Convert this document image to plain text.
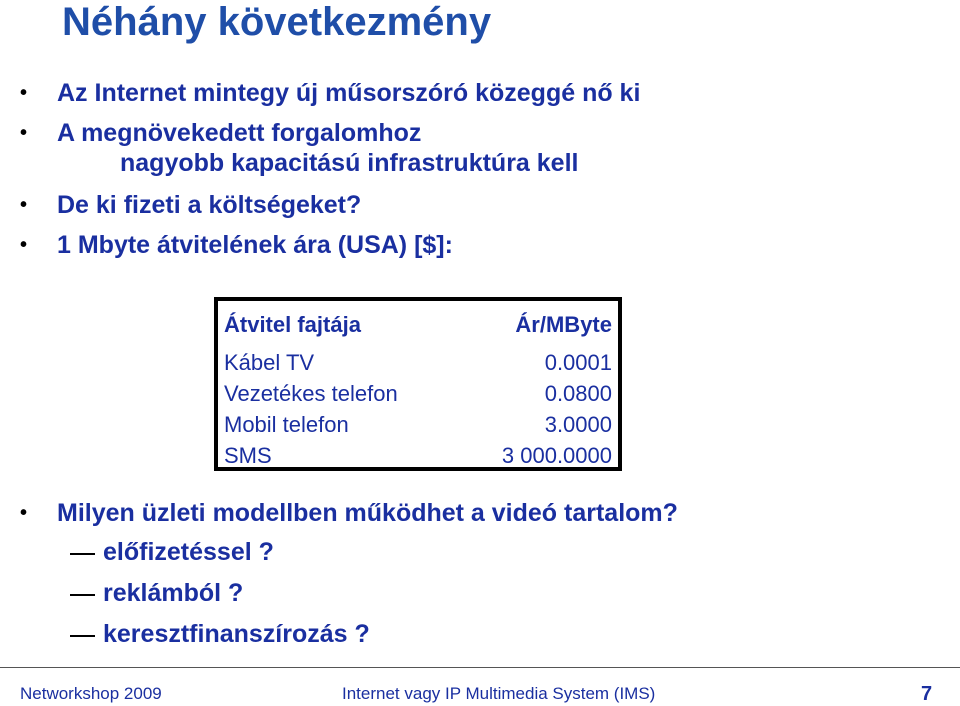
Néhány következmény
• Az Internet mintegy új műsorszóró közeggé nő ki
• A megnövekedett forgalomhoz
nagyobb kapacitású infrastruktúra kell
• De ki fizeti a költségeket?
• 1 Mbyte átvitelének ára (USA) [$]:
• Milyen üzleti modellben működhet a videó tartalom?
előfizetéssel ?
reklámból ?
keresztfinanszírozás ?
Átvitel fajtája	Ár/MByte
Kábel TV	0.0001
Vezetékes telefon	0.0800
Mobil telefon	3.0000
SMS	3 000.0000
Networkshop 2009	Internet vagy IP Multimedia System (IMS)	7
